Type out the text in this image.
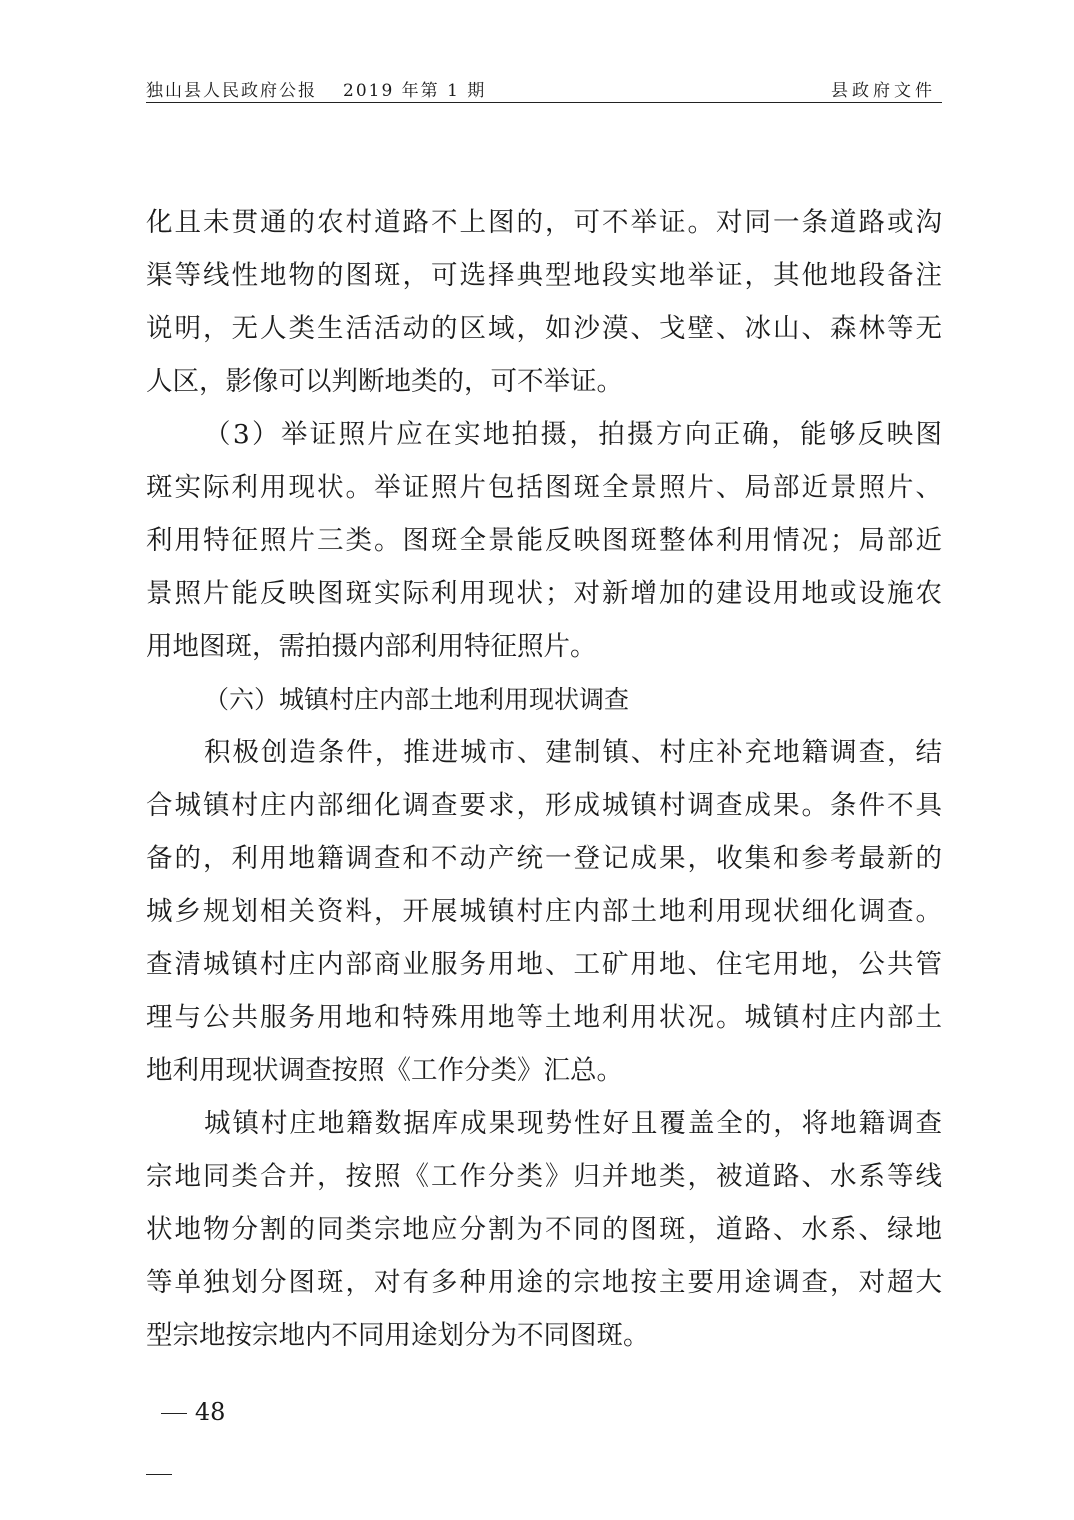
独山县人民政府公报 2019 年第 1 期	县政府文件
化且未贯通的农村道路不上图的，可不举证。对同一条道路或沟
渠等线性地物的图斑，可选择典型地段实地举证，其他地段备注
说明，无人类生活活动的区域，如沙漠、戈壁、冰山、森林等无
人区，影像可以判断地类的，可不举证。
（3）举证照片应在实地拍摄，拍摄方向正确，能够反映图
斑实际利用现状。举证照片包括图斑全景照片、局部近景照片、
利用特征照片三类。图斑全景能反映图斑整体利用情况；局部近
景照片能反映图斑实际利用现状；对新增加的建设用地或设施农
用地图斑，需拍摄内部利用特征照片。
（六）城镇村庄内部土地利用现状调查
积极创造条件，推进城市、建制镇、村庄补充地籍调查，结
合城镇村庄内部细化调查要求，形成城镇村调查成果。条件不具
备的，利用地籍调查和不动产统一登记成果，收集和参考最新的
城乡规划相关资料，开展城镇村庄内部土地利用现状细化调查。
查清城镇村庄内部商业服务用地、工矿用地、住宅用地，公共管
理与公共服务用地和特殊用地等土地利用状况。城镇村庄内部土
地利用现状调查按照《工作分类》汇总。
城镇村庄地籍数据库成果现势性好且覆盖全的，将地籍调查
宗地同类合并，按照《工作分类》归并地类，被道路、水系等线
状地物分割的同类宗地应分割为不同的图斑，道路、水系、绿地
等单独划分图斑，对有多种用途的宗地按主要用途调查，对超大
型宗地按宗地内不同用途划分为不同图斑。

48
